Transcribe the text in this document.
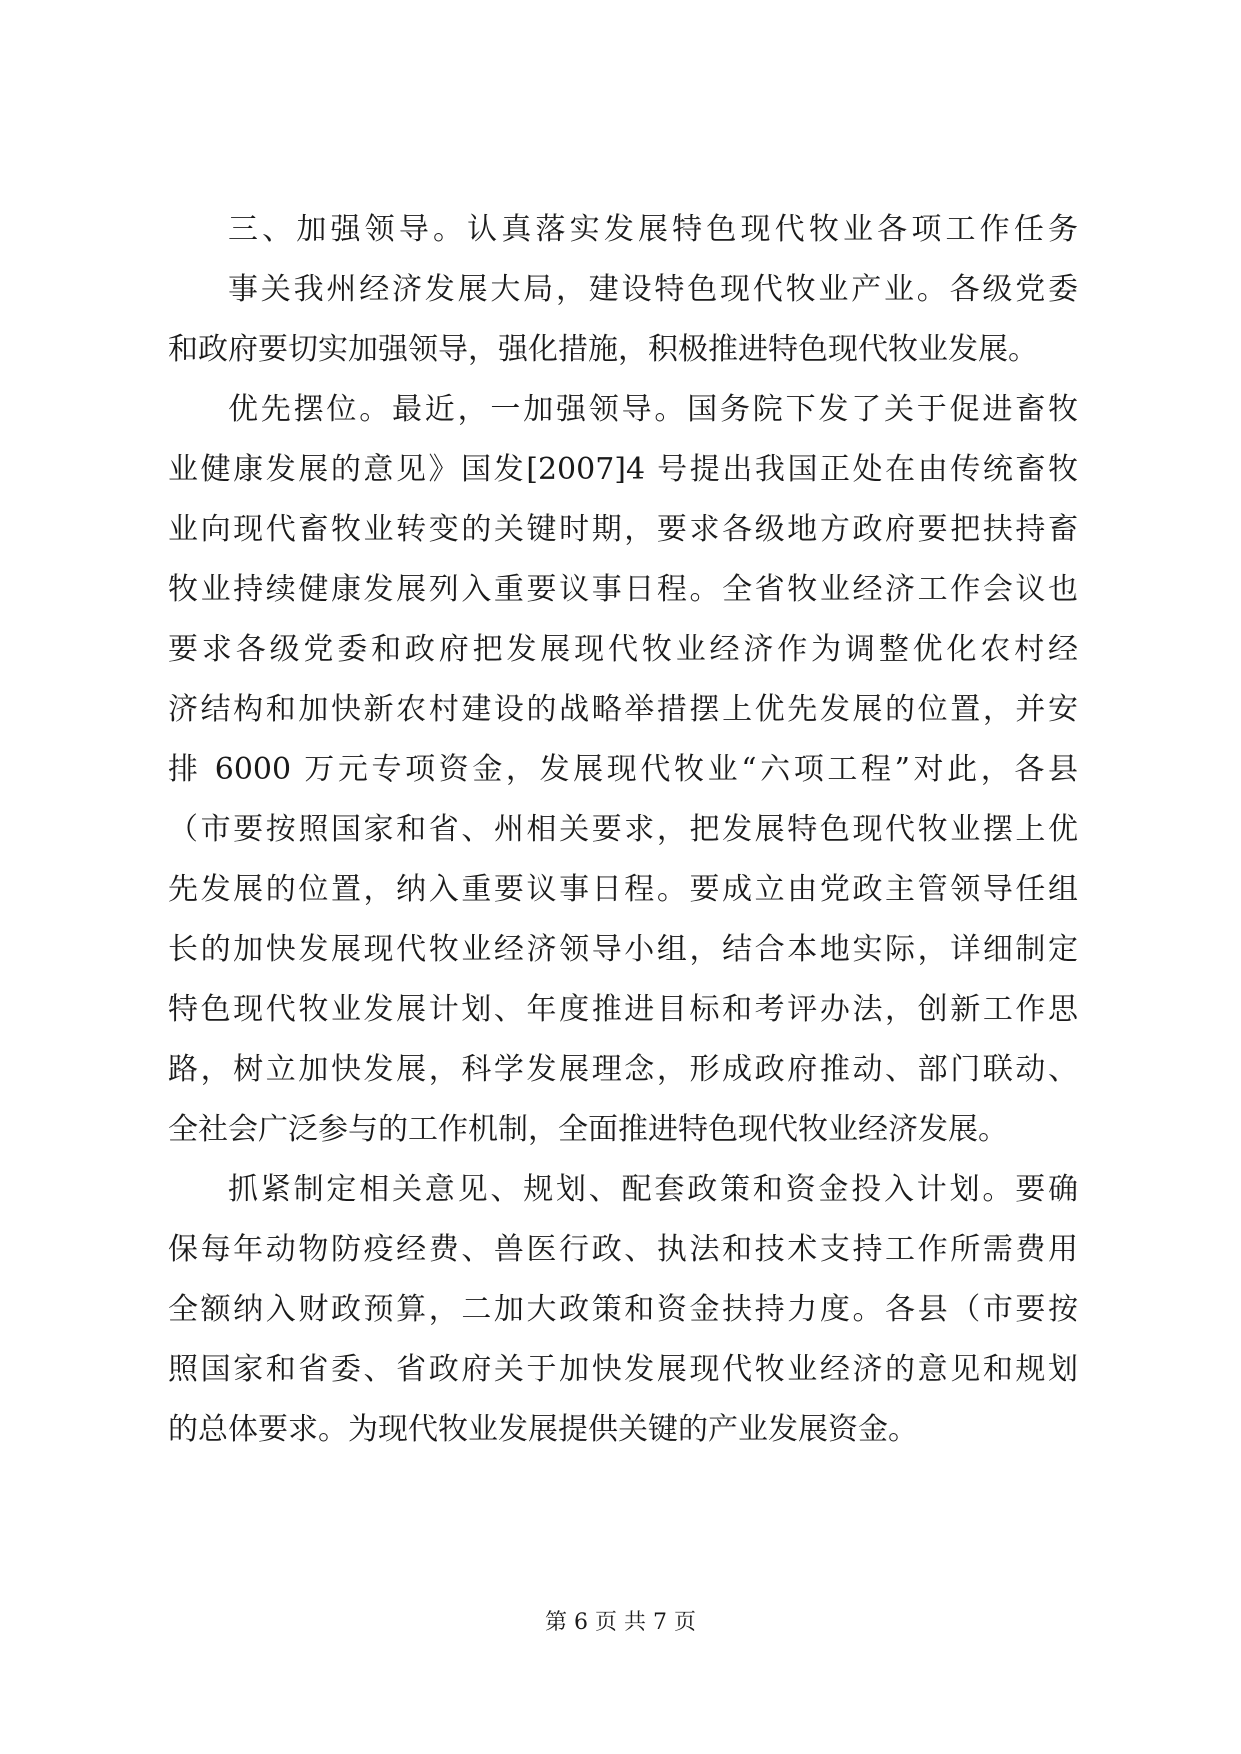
三、加强领导。认真落实发展特色现代牧业各项工作任务
事关我州经济发展大局，建设特色现代牧业产业。各级党委
和政府要切实加强领导，强化措施，积极推进特色现代牧业发展。
优先摆位。最近，一加强领导。国务院下发了关于促进畜牧
业健康发展的意见》国发[2007]4 号提出我国正处在由传统畜牧
业向现代畜牧业转变的关键时期，要求各级地方政府要把扶持畜
牧业持续健康发展列入重要议事日程。全省牧业经济工作会议也
要求各级党委和政府把发展现代牧业经济作为调整优化农村经
济结构和加快新农村建设的战略举措摆上优先发展的位置，并安
排 6000 万元专项资金，发展现代牧业“六项工程”对此，各县
（市要按照国家和省、州相关要求，把发展特色现代牧业摆上优
先发展的位置，纳入重要议事日程。要成立由党政主管领导任组
长的加快发展现代牧业经济领导小组，结合本地实际，详细制定
特色现代牧业发展计划、年度推进目标和考评办法，创新工作思
路，树立加快发展，科学发展理念，形成政府推动、部门联动、
全社会广泛参与的工作机制，全面推进特色现代牧业经济发展。
抓紧制定相关意见、规划、配套政策和资金投入计划。要确
保每年动物防疫经费、兽医行政、执法和技术支持工作所需费用
全额纳入财政预算，二加大政策和资金扶持力度。各县（市要按
照国家和省委、省政府关于加快发展现代牧业经济的意见和规划
的总体要求。为现代牧业发展提供关键的产业发展资金。
第 6 页 共 7 页
